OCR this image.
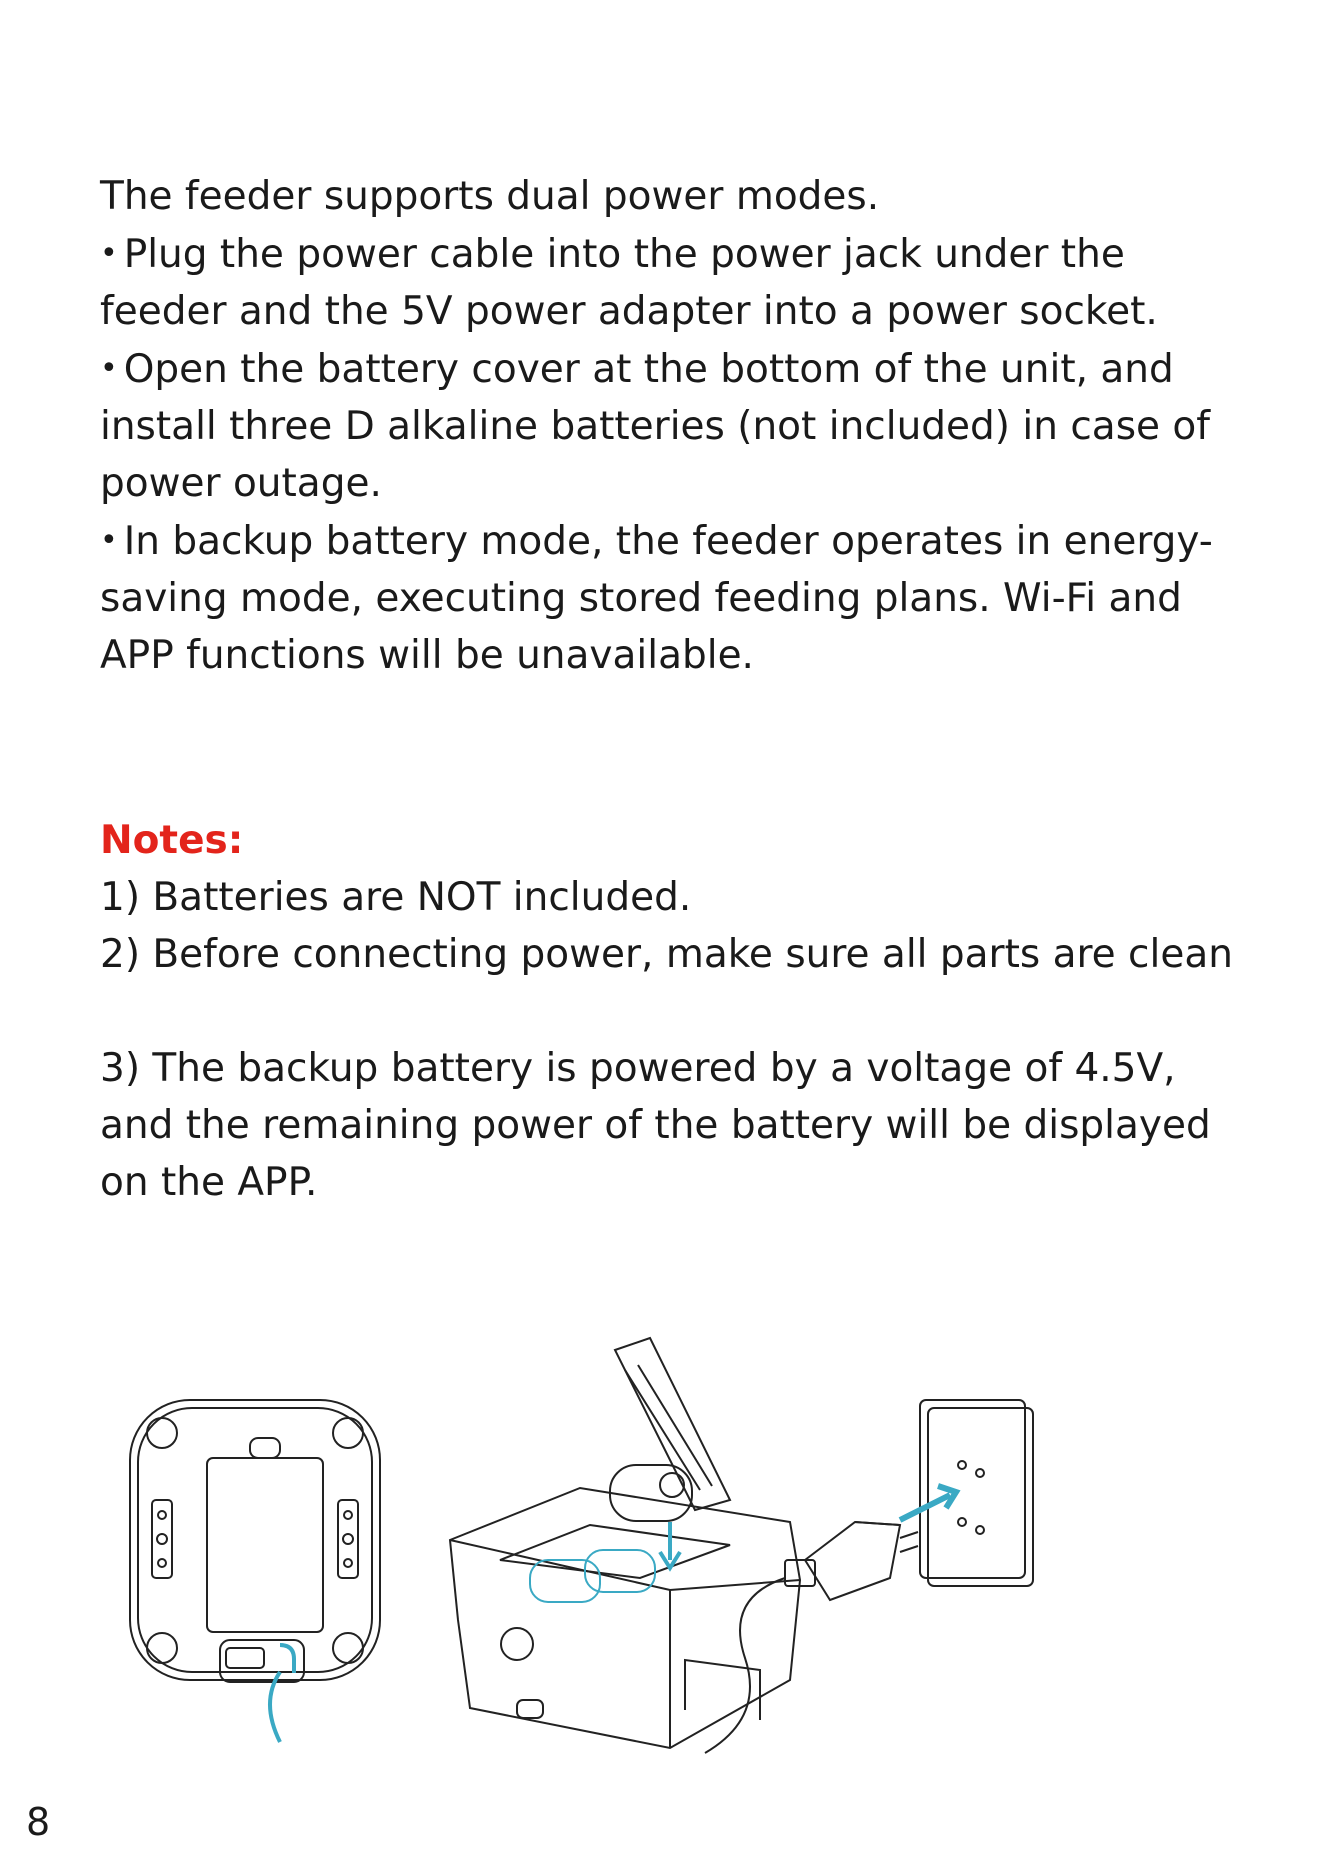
The feeder supports dual power modes.

• Plug the power cable into the power jack under the feeder and the 5V power adapter into a power socket.

• Open the battery cover at the bottom of the unit, and install three D alkaline batteries (not included) in case of power outage.

• In backup battery mode, the feeder operates in energy-saving mode, executing stored feeding plans. Wi-Fi and APP functions will be unavailable.

Notes:

1) Batteries are NOT included.

2) Before connecting power, make sure all parts are clean

3) The backup battery is powered by a voltage of 4.5V, and the remaining power of the battery will be displayed on the APP.

8
